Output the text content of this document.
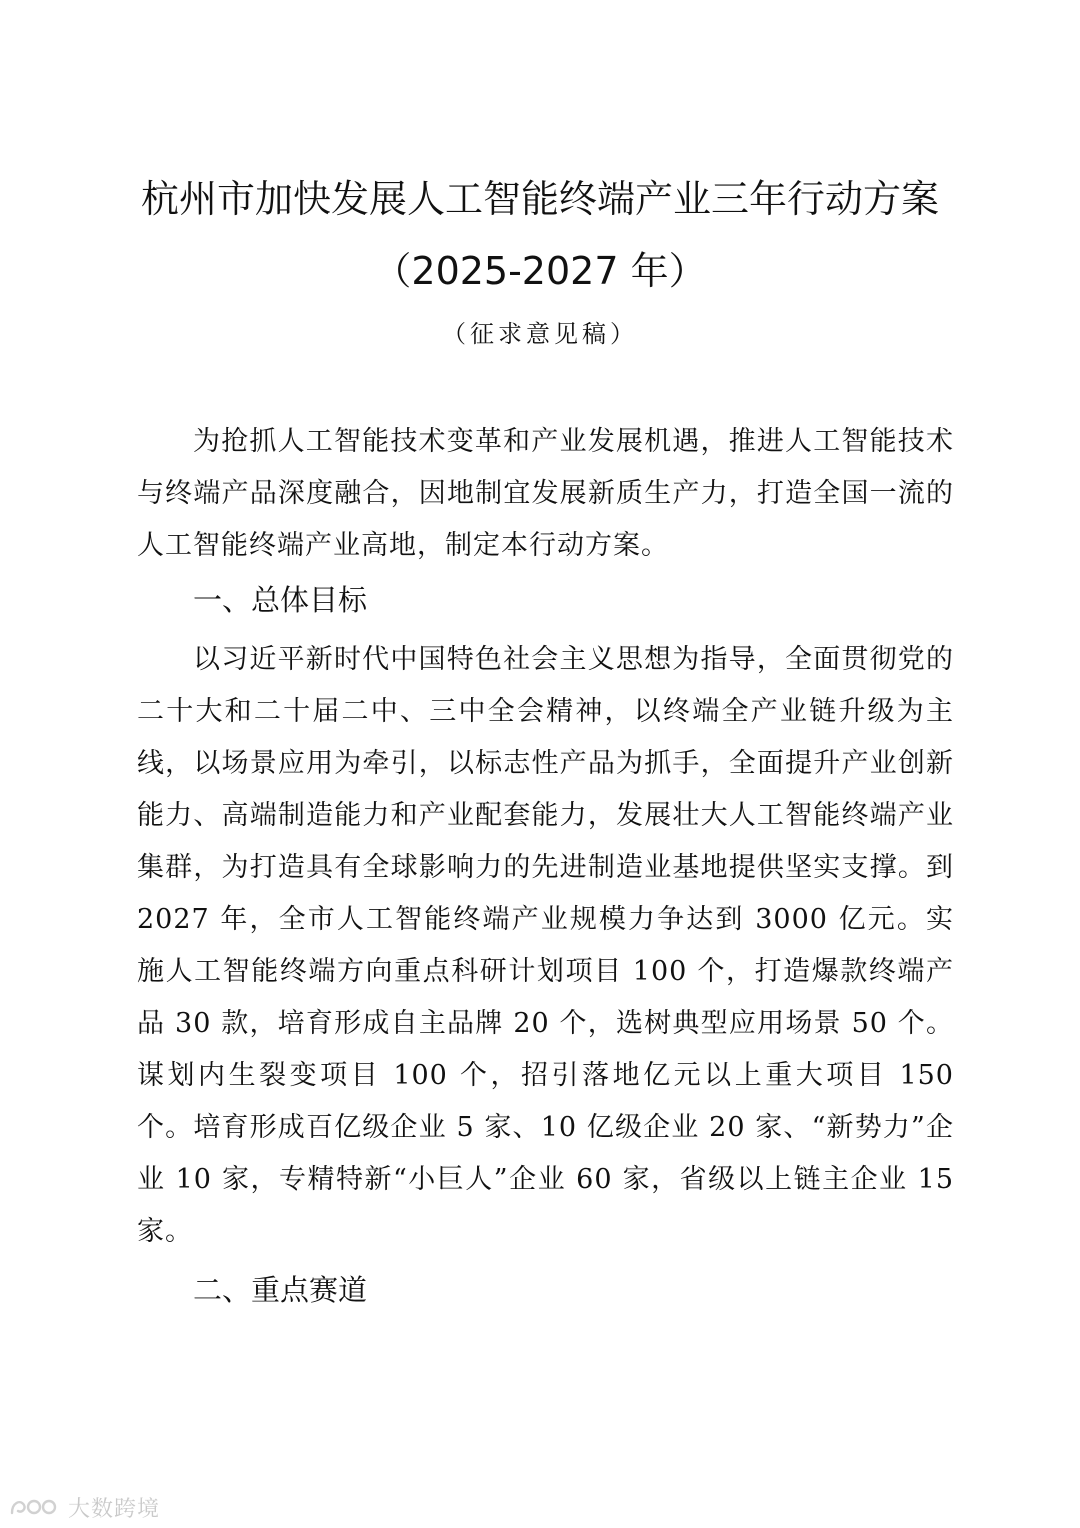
杭州市加快发展人工智能终端产业三年行动方案
（2025-2027 年）
（征求意见稿）

为抢抓人工智能技术变革和产业发展机遇，推进人工智能技术与终端产品深度融合，因地制宜发展新质生产力，打造全国一流的人工智能终端产业高地，制定本行动方案。

一、总体目标

以习近平新时代中国特色社会主义思想为指导，全面贯彻党的二十大和二十届二中、三中全会精神，以终端全产业链升级为主线，以场景应用为牵引，以标志性产品为抓手，全面提升产业创新能力、高端制造能力和产业配套能力，发展壮大人工智能终端产业集群，为打造具有全球影响力的先进制造业基地提供坚实支撑。到 2027 年，全市人工智能终端产业规模力争达到 3000 亿元。实施人工智能终端方向重点科研计划项目 100 个，打造爆款终端产品 30 款，培育形成自主品牌 20 个，选树典型应用场景 50 个。谋划内生裂变项目 100 个，招引落地亿元以上重大项目 150 个。培育形成百亿级企业 5 家、10 亿级企业 20 家、“新势力”企业 10 家，专精特新“小巨人”企业 60 家，省级以上链主企业 15 家。

二、重点赛道
大数跨境
